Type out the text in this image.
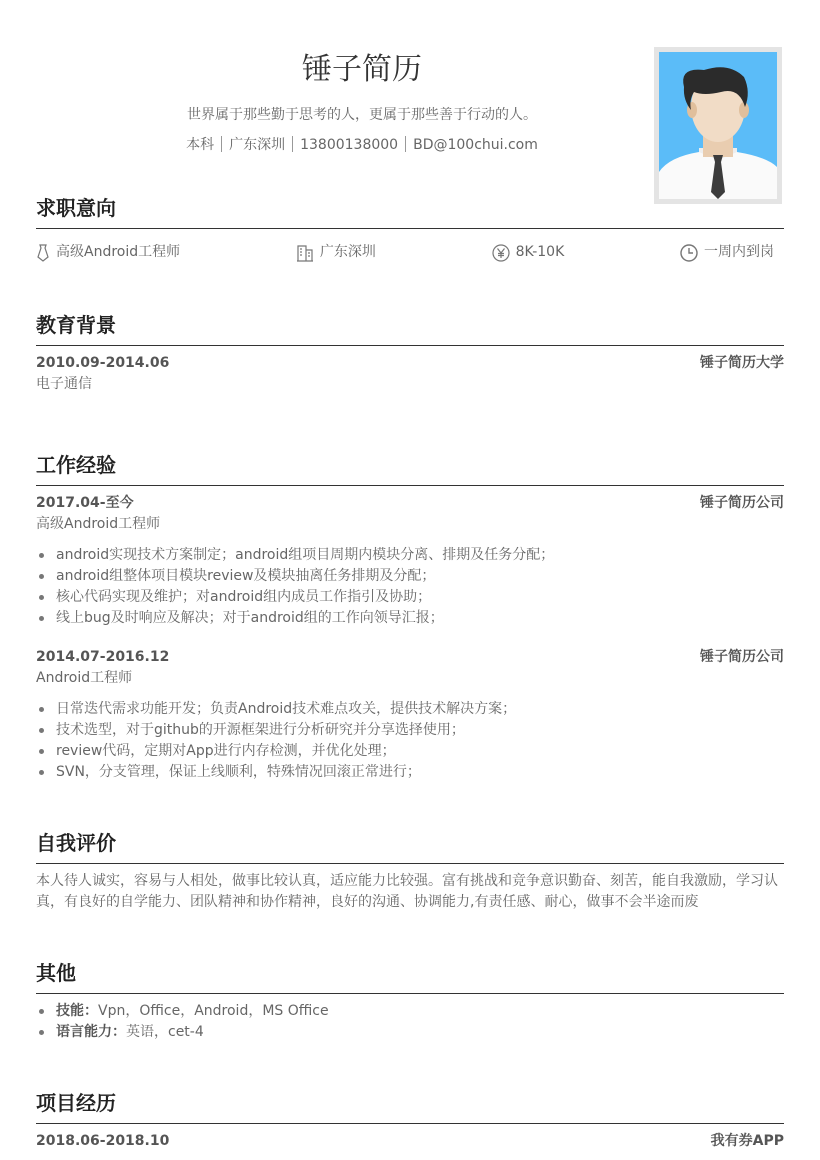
锤子简历
世界属于那些勤于思考的人，更属于那些善于行动的人。
本科 广东深圳 13800138000 BD@100chui.com
求职意向
高级Android工程师	广东深圳	8K-10K	一周内到岗
教育背景
2010.09-2014.06	锤子简历大学
电子通信
工作经验
2017.04-至今	锤子简历公司
高级Android工程师
android实现技术方案制定；android组项目周期内模块分离、排期及任务分配；
android组整体项目模块review及模块抽离任务排期及分配；
核心代码实现及维护；对android组内成员工作指引及协助；
线上bug及时响应及解决；对于android组的工作向领导汇报；
2014.07-2016.12	锤子简历公司
Android工程师
日常迭代需求功能开发；负责Android技术难点攻关，提供技术解决方案；
技术选型，对于github的开源框架进行分析研究并分享选择使用；
review代码，定期对App进行内存检测，并优化处理；
SVN，分支管理，保证上线顺利，特殊情况回滚正常进行；
自我评价
本人待人诚实，容易与人相处，做事比较认真，适应能力比较强。富有挑战和竞争意识勤奋、刻苦，能自我激励，学习认真，有良好的自学能力、团队精神和协作精神，良好的沟通、协调能力,有责任感、耐心，做事不会半途而废
其他
技能：Vpn，Office，Android，MS Office
语言能力：英语，cet-4
项目经历
2018.06-2018.10	我有券APP
